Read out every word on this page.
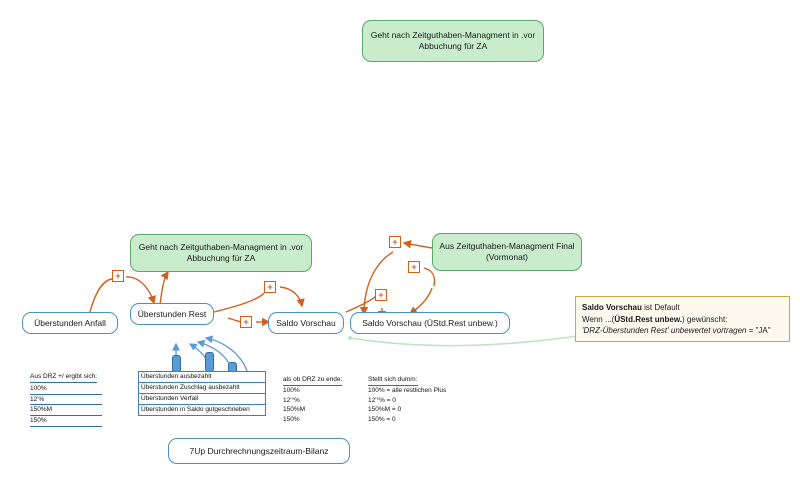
Geht nach Zeitguthaben-Managment in .vor Abbuchung für ZA
Geht nach Zeitguthaben-Managment in .vor Abbuchung für ZA
Aus Zeitguthaben-Managment Final (Vormonat)
Überstunden Anfall
Überstunden Rest
Saldo Vorschau	Saldo Vorschau (ÜStd.Rest unbew.)
7Up Durchrechnungszeitraum-Bilanz
+
+
+
+
+
+
Aus DRZ +/ ergibt sich:
100%
12'%
150%M
150%
Überstunden ausbezahlt
Überstunden Zuschlag ausbezahlt
Überstunden Verfall
Überstunden in Saldo gutgeschrieben
als ob DRZ zu ende:
100%
12'°%
150%M
150%
Stellt sich dumm:
100% = alle restlichen Plus
12'°% = 0
150%M = 0
150% = 0
Saldo Vorschau ist Default
Wenn ...(ÜStd.Rest unbew.) gewünscht:
'DRZ-Überstunden Rest' unbewertet vortragen = "JA"
